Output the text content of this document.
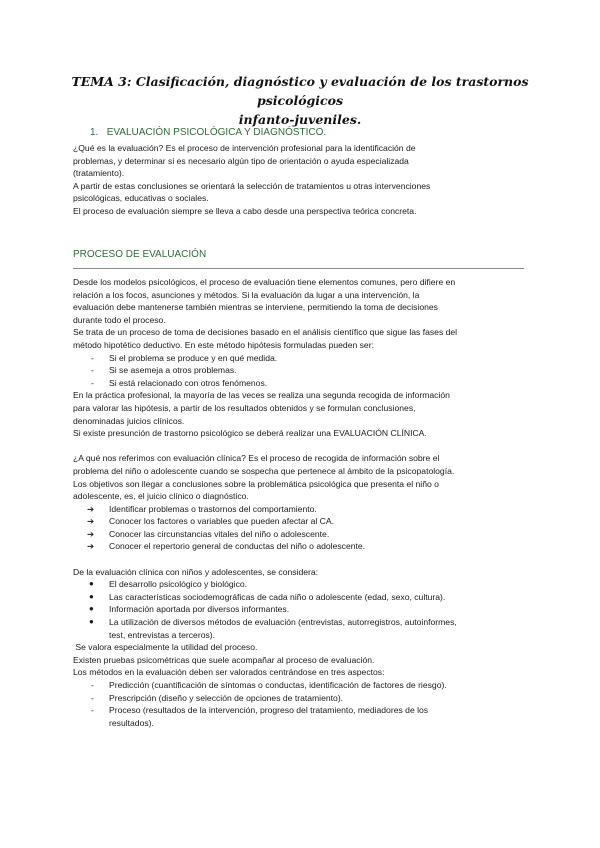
TEMA 3: Clasificación, diagnóstico y evaluación de los trastornos psicológicos
infanto-juveniles.
1. EVALUACIÓN PSICOLÓGICA Y DIAGNÓSTICO.

¿Qué es la evaluación? Es el proceso de intervención profesional para la identificación de

problemas, y determinar si es necesario algún tipo de orientación o ayuda especializada

(tratamiento).

A partir de estas conclusiones se orientará la selección de tratamientos u otras intervenciones

psicológicas, educativas o sociales.

El proceso de evaluación siempre se lleva a cabo desde una perspectiva teórica concreta.

PROCESO DE EVALUACIÓN

Desde los modelos psicológicos, el proceso de evaluación tiene elementos comunes, pero difiere en

relación a los focos, asunciones y métodos. Si la evaluación da lugar a una intervención, la

evaluación debe mantenerse también mientras se interviene, permitiendo la toma de decisiones

durante todo el proceso.

Se trata de un proceso de toma de decisiones basado en el análisis científico que sigue las fases del

método hipotético deductivo. En este método hipótesis formuladas pueden ser:

-	Si el problema se produce y en qué medida.
-	Si se asemeja a otros problemas.
-	Si está relacionado con otros fenómenos.

En la práctica profesional, la mayoría de las veces se realiza una segunda recogida de información

para valorar las hipótesis, a partir de los resultados obtenidos y se formulan conclusiones,

denominadas juicios clínicos.

Si existe presunción de trastorno psicológico se deberá realizar una EVALUACIÓN CLÍNICA.

¿A qué nos referimos con evaluación clínica? Es el proceso de recogida de información sobre el

problema del niño o adolescente cuando se sospecha que pertenece al ámbito de la psicopatología.

Los objetivos son llegar a conclusiones sobre la problemática psicológica que presenta el niño o

adolescente, es, el juicio clínico o diagnóstico.

➔	Identificar problemas o trastornos del comportamiento.
➔	Conocer los factores o variables que pueden afectar al CA.
➔	Conocer las circunstancias vitales del niño o adolescente.
➔	Conocer el repertorio general de conductas del niño o adolescente.

De la evaluación clínica con niños y adolescentes, se considera:

●	El desarrollo psicológico y biológico.
●	Las características sociodemográficas de cada niño o adolescente (edad, sexo, cultura).
●	Información aportada por diversos informantes.
●	La utilización de diversos métodos de evaluación (entrevistas, autorregistros, autoinformes,
test, entrevistas a terceros).

Se valora especialmente la utilidad del proceso.

Existen pruebas psicométricas que suele acompañar al proceso de evaluación.

Los métodos en la evaluación deben ser valorados centrándose en tres aspectos:

-	Predicción (cuantificación de síntomas o conductas, identificación de factores de riesgo).
-	Prescripción (diseño y selección de opciones de tratamiento).
-	Proceso (resultados de la intervención, progreso del tratamiento, mediadores de los
resultados).
